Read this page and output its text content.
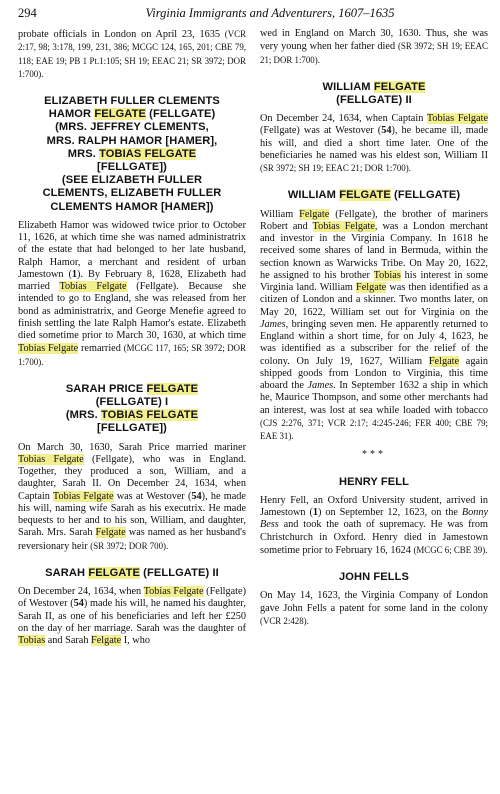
294	Virginia Immigrants and Adventurers, 1607–1635

probate officials in London on April 23, 1635 (VCR 2:17, 98; 3:178, 199, 231, 386; MCGC 124, 165, 201; CBE 79, 118; EAE 19; PB 1 Pt.1:105; SH 19; EEAC 21; SR 3972; DOR 1:700).

ELIZABETH FULLER CLEMENTS
HAMOR FELGATE (FELLGATE)
(MRS. JEFFREY CLEMENTS,
MRS. RALPH HAMOR [HAMER],
MRS. TOBIAS FELGATE
[FELLGATE])
(SEE ELIZABETH FULLER
CLEMENTS, ELIZABETH FULLER
CLEMENTS HAMOR [HAMER])

Elizabeth Hamor was widowed twice prior to October 11, 1626, at which time she was named administratrix of the estate that had belonged to her late husband, Ralph Hamor, a merchant and resident of urban Jamestown (1). By February 8, 1628, Elizabeth had married Tobias Felgate (Fellgate). Because she intended to go to England, she was released from her bond as administratrix, and George Menefie agreed to finish settling the late Ralph Hamor's estate. Elizabeth died sometime prior to March 30, 1630, at which time Tobias Felgate remarried (MCGC 117, 165; SR 3972; DOR 1:700).

SARAH PRICE FELGATE
(FELLGATE) I
(MRS. TOBIAS FELGATE
[FELLGATE])

On March 30, 1630, Sarah Price married mariner Tobias Felgate (Fellgate), who was in England. Together, they produced a son, William, and a daughter, Sarah II. On December 24, 1634, when Captain Tobias Felgate was at Westover (54), he made his will, naming wife Sarah as his executrix. He made bequests to her and to his son, William, and daughter, Sarah. Mrs. Sarah Felgate was named as her husband's reversionary heir (SR 3972; DOR 700).

SARAH FELGATE (FELLGATE) II

On December 24, 1634, when Tobias Felgate (Fellgate) of Westover (54) made his will, he named his daughter, Sarah II, as one of his beneficiaries and left her £250 on the day of her marriage. Sarah was the daughter of Tobias and Sarah Felgate I, who

wed in England on March 30, 1630. Thus, she was very young when her father died (SR 3972; SH 19; EEAC 21; DOR 1:700).

WILLIAM FELGATE
(FELLGATE) II

On December 24, 1634, when Captain Tobias Felgate (Fellgate) was at Westover (54), he became ill, made his will, and died a short time later. One of the beneficiaries he named was his eldest son, William II (SR 3972; SH 19; EEAC 21; DOR 1:700).

WILLIAM FELGATE (FELLGATE)

William Felgate (Fellgate), the brother of mariners Robert and Tobias Felgate, was a London merchant and investor in the Virginia Company. In 1618 he received some shares of land in Bermuda, within the section known as Warwicks Tribe. On May 20, 1622, he assigned to his brother Tobias his interest in some Virginia land. William Felgate was then identified as a citizen of London and a skinner. Two months later, on May 20, 1622, William set out for Virginia on the James, bringing seven men. He apparently returned to England within a short time, for on July 4, 1623, he was identified as a subscriber for the relief of the colony. On July 19, 1627, William Felgate again shipped goods from London to Virginia, this time aboard the James. In September 1632 a ship in which he, Maurice Thompson, and some other merchants had an interest, was lost at sea while loaded with tobacco (CJS 2:276, 371; VCR 2:17; 4:245-246; FER 400; CBE 79; EAE 31).

***
HENRY FELL

Henry Fell, an Oxford University student, arrived in Jamestown (1) on September 12, 1623, on the Bonny Bess and took the oath of supremacy. He was from Christchurch in Oxford. Henry died in Jamestown sometime prior to February 16, 1624 (MCGC 6; CBE 39).

JOHN FELLS

On May 14, 1623, the Virginia Company of London gave John Fells a patent for some land in the colony (VCR 2:428).
